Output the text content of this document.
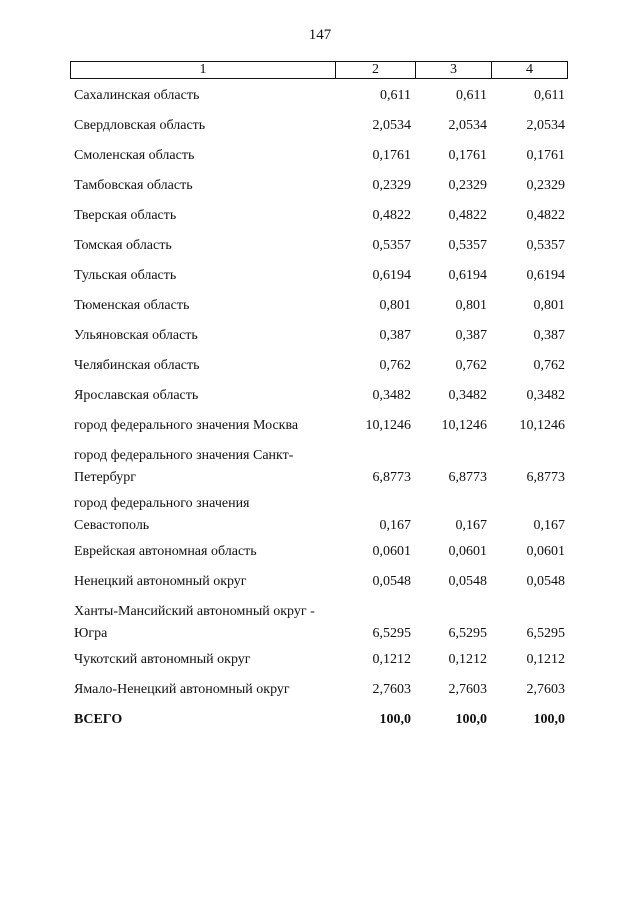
147
1	2	3	4
Сахалинская область	0,611	0,611	0,611
Свердловская область	2,0534	2,0534	2,0534
Смоленская область	0,1761	0,1761	0,1761
Тамбовская область	0,2329	0,2329	0,2329
Тверская область	0,4822	0,4822	0,4822
Томская область	0,5357	0,5357	0,5357
Тульская область	0,6194	0,6194	0,6194
Тюменская область	0,801	0,801	0,801
Ульяновская область	0,387	0,387	0,387
Челябинская область	0,762	0,762	0,762
Ярославская область	0,3482	0,3482	0,3482
город федерального значения Москва	10,1246	10,1246	10,1246
город федерального значения Санкт-
Петербург	6,8773	6,8773	6,8773
город федерального значения
Севастополь	0,167	0,167	0,167
Еврейская автономная область	0,0601	0,0601	0,0601
Ненецкий автономный округ	0,0548	0,0548	0,0548
Ханты-Мансийский автономный округ -
Югра	6,5295	6,5295	6,5295
Чукотский автономный округ	0,1212	0,1212	0,1212
Ямало-Ненецкий автономный округ	2,7603	2,7603	2,7603
ВСЕГО	100,0	100,0	100,0
